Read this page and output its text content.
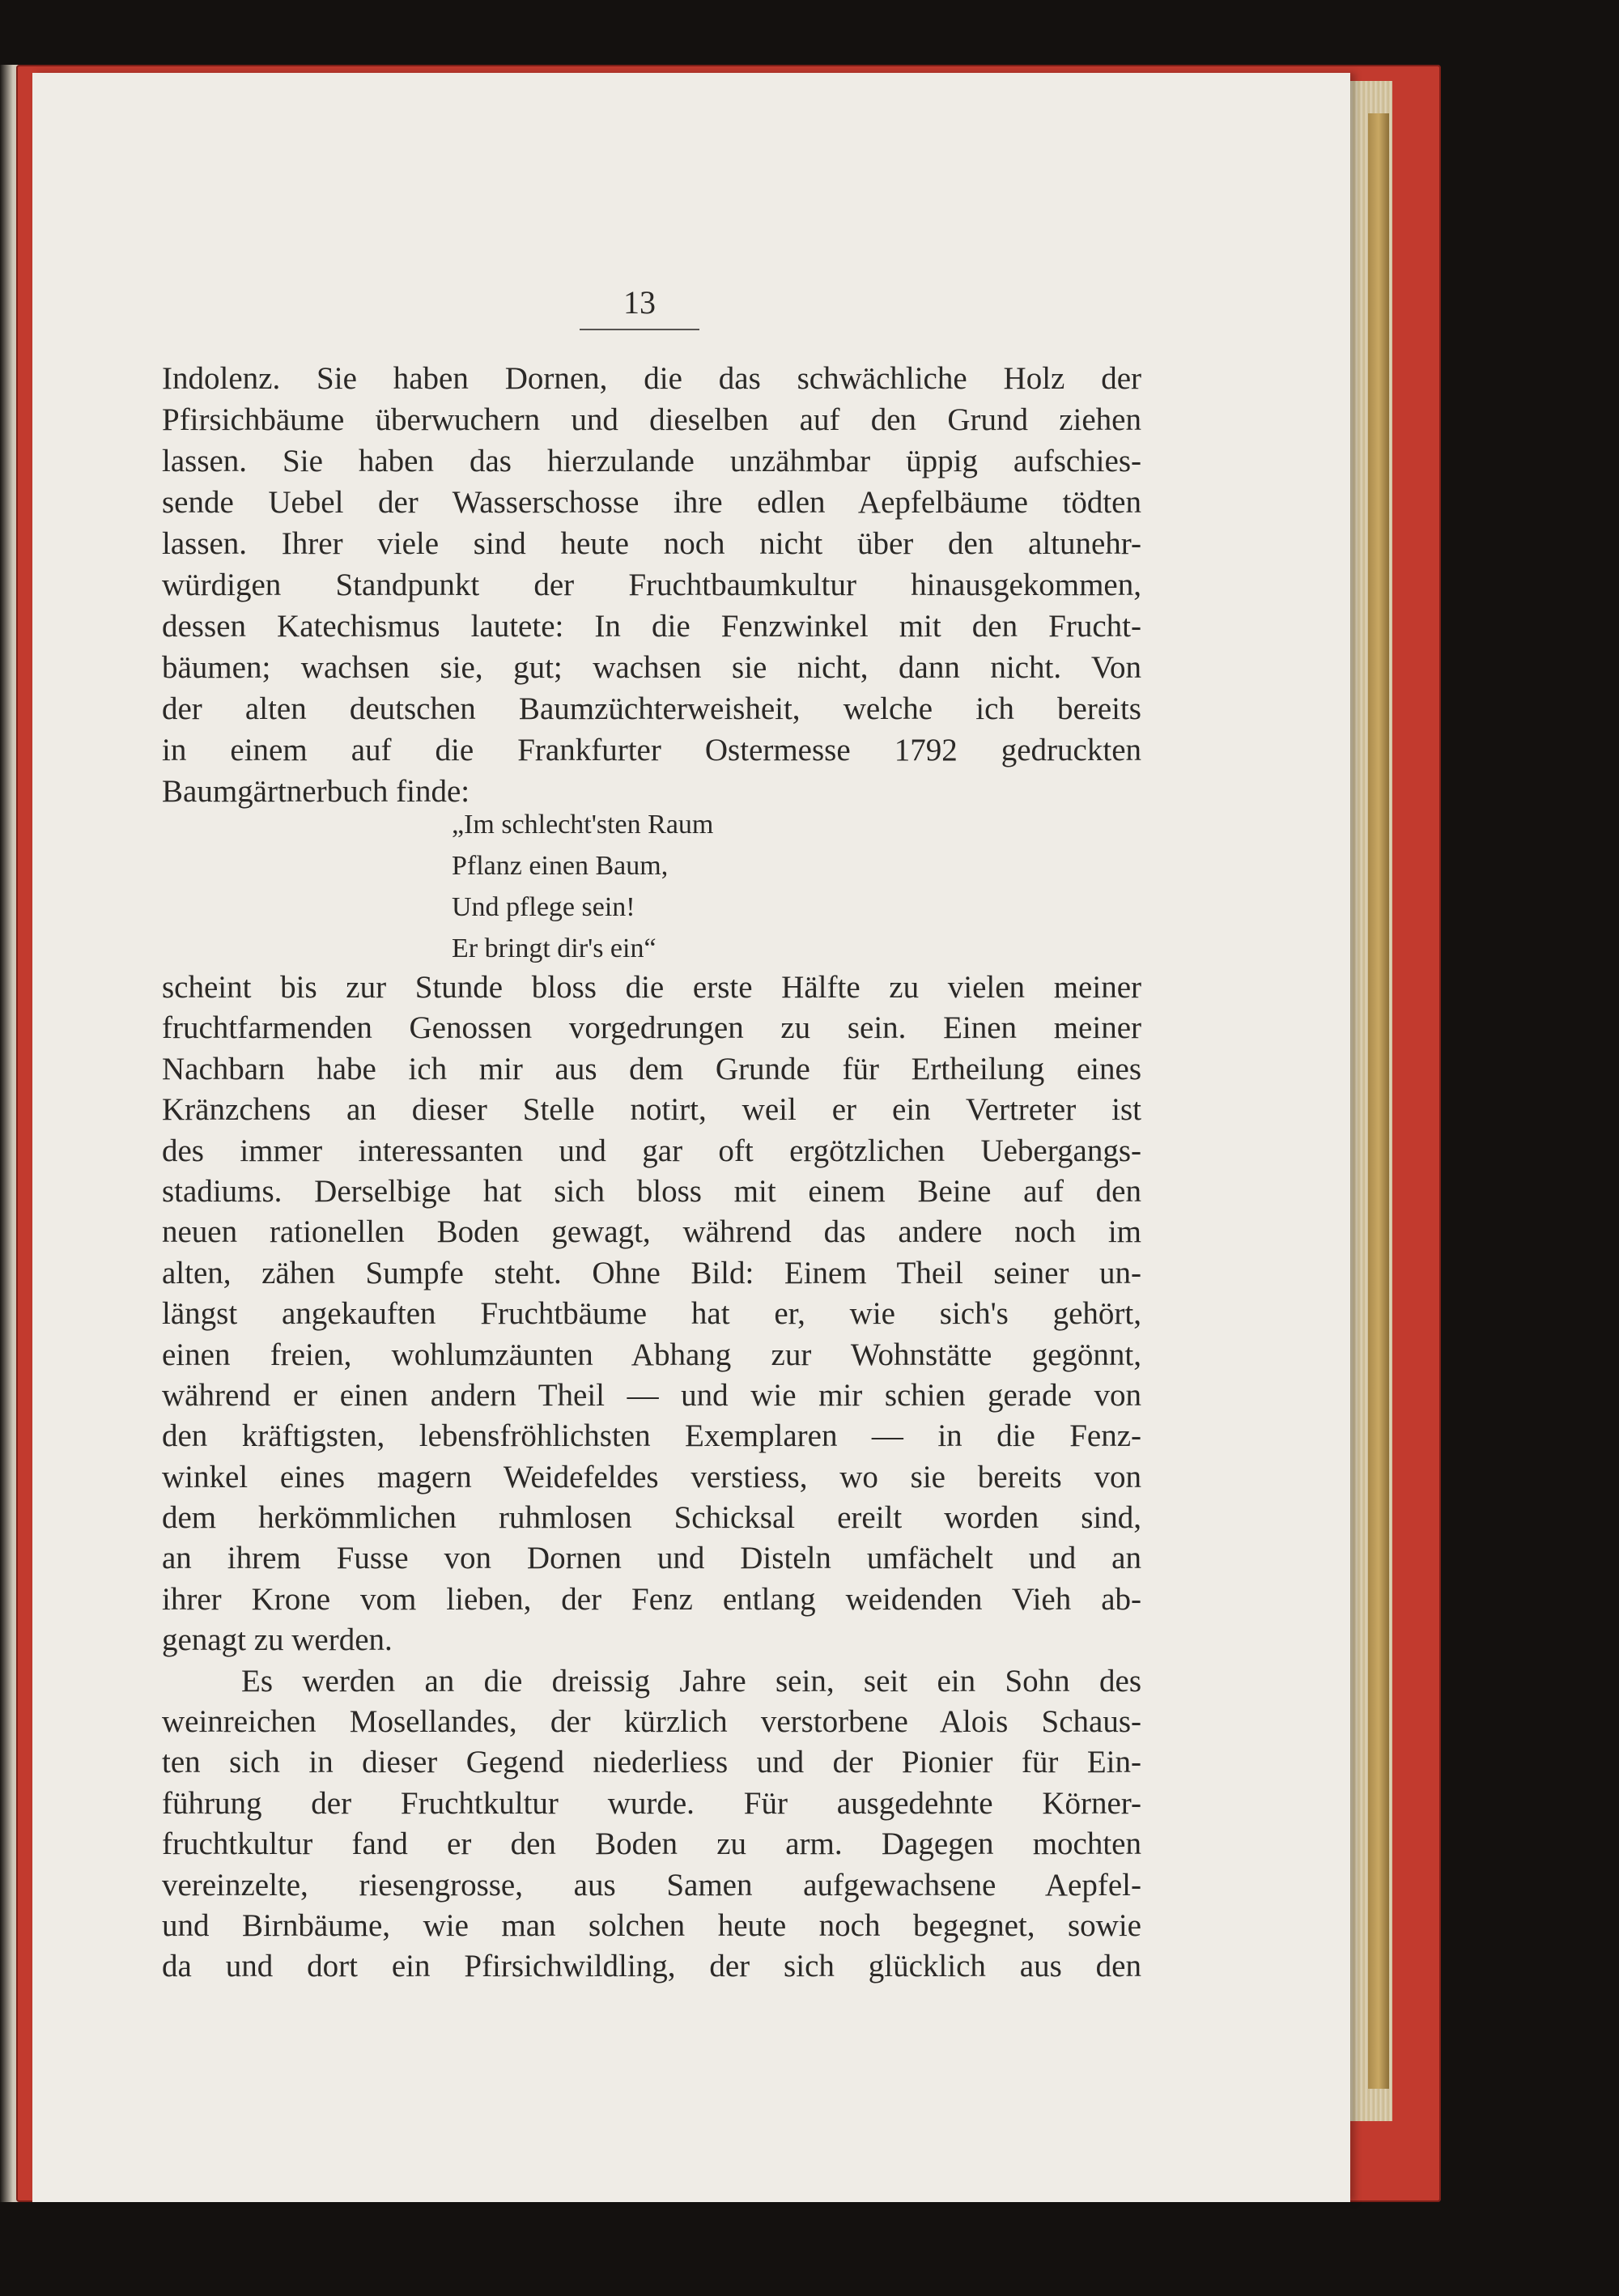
13
Indolenz. Sie haben Dornen, die das schwächliche Holz der
Pfirsichbäume überwuchern und dieselben auf den Grund ziehen
lassen. Sie haben das hierzulande unzähmbar üppig aufschies-
sende Uebel der Wasserschosse ihre edlen Aepfelbäume tödten
lassen. Ihrer viele sind heute noch nicht über den altunehr-
würdigen Standpunkt der Fruchtbaumkultur hinausgekommen,
dessen Katechismus lautete: In die Fenzwinkel mit den Frucht-
bäumen; wachsen sie, gut; wachsen sie nicht, dann nicht. Von
der alten deutschen Baumzüchterweisheit, welche ich bereits
in einem auf die Frankfurter Ostermesse 1792 gedruckten
Baumgärtnerbuch finde:
„Im schlecht'sten Raum
Pflanz einen Baum,
Und pflege sein!
Er bringt dir's ein“
scheint bis zur Stunde bloss die erste Hälfte zu vielen meiner
fruchtfarmenden Genossen vorgedrungen zu sein. Einen meiner
Nachbarn habe ich mir aus dem Grunde für Ertheilung eines
Kränzchens an dieser Stelle notirt, weil er ein Vertreter ist
des immer interessanten und gar oft ergötzlichen Uebergangs-
stadiums. Derselbige hat sich bloss mit einem Beine auf den
neuen rationellen Boden gewagt, während das andere noch im
alten, zähen Sumpfe steht. Ohne Bild: Einem Theil seiner un-
längst angekauften Fruchtbäume hat er, wie sich's gehört,
einen freien, wohlumzäunten Abhang zur Wohnstätte gegönnt,
während er einen andern Theil — und wie mir schien gerade von
den kräftigsten, lebensfröhlichsten Exemplaren — in die Fenz-
winkel eines magern Weidefeldes verstiess, wo sie bereits von
dem herkömmlichen ruhmlosen Schicksal ereilt worden sind,
an ihrem Fusse von Dornen und Disteln umfächelt und an
ihrer Krone vom lieben, der Fenz entlang weidenden Vieh ab-
genagt zu werden.
Es werden an die dreissig Jahre sein, seit ein Sohn des
weinreichen Mosellandes, der kürzlich verstorbene Alois Schaus-
ten sich in dieser Gegend niederliess und der Pionier für Ein-
führung der Fruchtkultur wurde. Für ausgedehnte Körner-
fruchtkultur fand er den Boden zu arm. Dagegen mochten
vereinzelte, riesengrosse, aus Samen aufgewachsene Aepfel-
und Birnbäume, wie man solchen heute noch begegnet, sowie
da und dort ein Pfirsichwildling, der sich glücklich aus den
